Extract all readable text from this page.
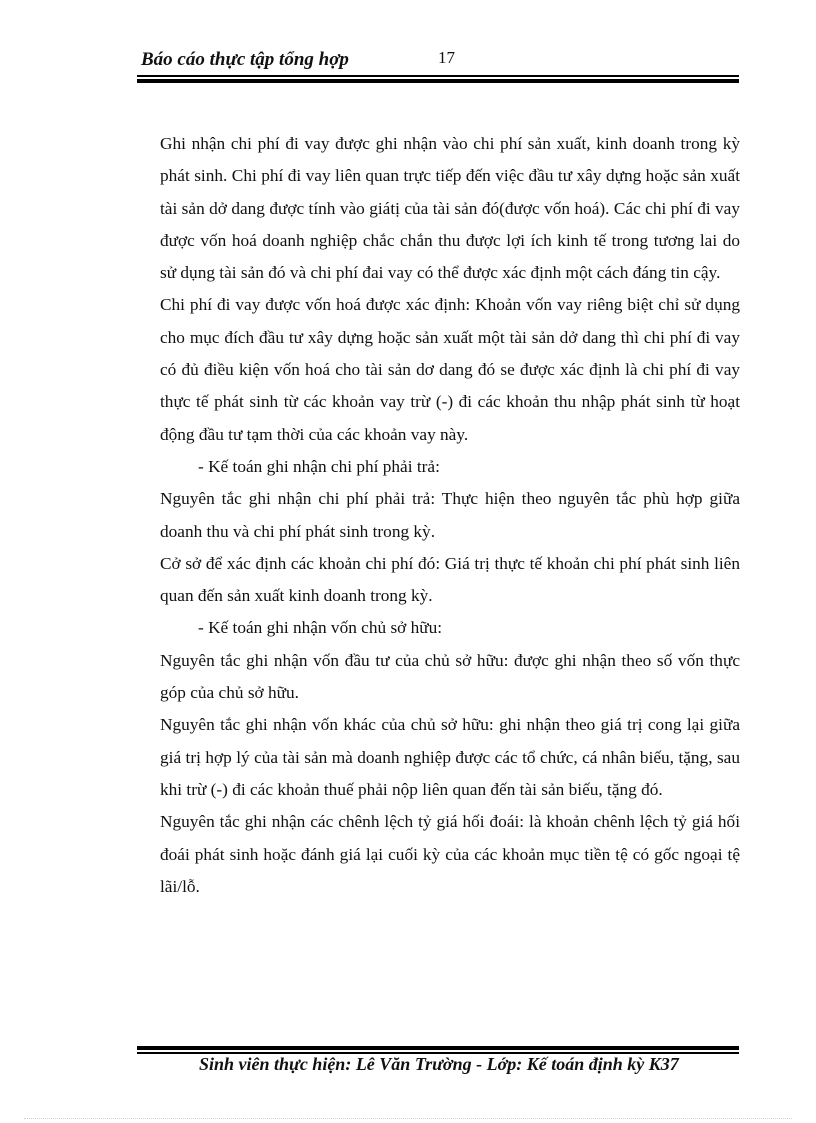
Báo cáo thực tập tổng hợp	17

Ghi nhận chi phí đi vay được ghi nhận vào chi phí sản xuất, kinh doanh trong kỳ phát sinh. Chi phí đi vay liên quan trực tiếp đến việc đầu tư xây dựng hoặc sản xuất tài sản dở dang được tính vào giátị của tài sản đó(được vốn hoá). Các chi phí đi vay được vốn hoá doanh nghiệp chắc chắn thu được lợi ích kinh tế trong tương lai do sử dụng tài sản đó và chi phí đai vay có thể được xác định một cách đáng tin cậy.

Chi phí đi vay được vốn hoá được xác định: Khoản vốn vay riêng biệt chỉ sử dụng cho mục đích đầu tư xây dựng hoặc sản xuất một tài sản dở dang thì chi phí đi vay có đủ điều kiện vốn hoá cho tài sản dơ dang đó se được xác định là chi phí đi vay thực tế phát sinh từ các khoản vay trừ (-) đi các khoản thu nhập phát sinh từ hoạt động đầu tư tạm thời của các khoản vay này.

- Kế toán ghi nhận chi phí phải trả:

Nguyên tắc ghi nhận chi phí phải trả: Thực hiện theo nguyên tắc phù hợp giữa doanh thu và chi phí phát sinh trong kỳ.

Cở sở để xác định các khoản chi phí đó: Giá trị thực tế khoản chi phí phát sinh liên quan đến sản xuất kinh doanh trong kỳ.

- Kế toán ghi nhận vốn chủ sở hữu:

Nguyên tắc ghi nhận vốn đầu tư của chủ sở hữu: được ghi nhận theo số vốn thực góp của chủ sở hữu.

Nguyên tắc ghi nhận vốn khác của chủ sở hữu: ghi nhận theo giá trị cong lại giữa giá trị hợp lý của tài sản mà doanh nghiệp được các tổ chức, cá nhân biếu, tặng, sau khi trừ (-) đi các khoản thuế phải nộp liên quan đến tài sản biếu, tặng đó.

Nguyên tắc ghi nhận các chênh lệch tỷ giá hối đoái: là khoản chênh lệch tỷ giá hối đoái phát sinh hoặc đánh giá lại cuối kỳ của các khoản mục tiền tệ có gốc ngoại tệ lãi/lỗ.

Sinh viên thực hiện: Lê Văn Trường - Lớp: Kế toán định kỳ K37
